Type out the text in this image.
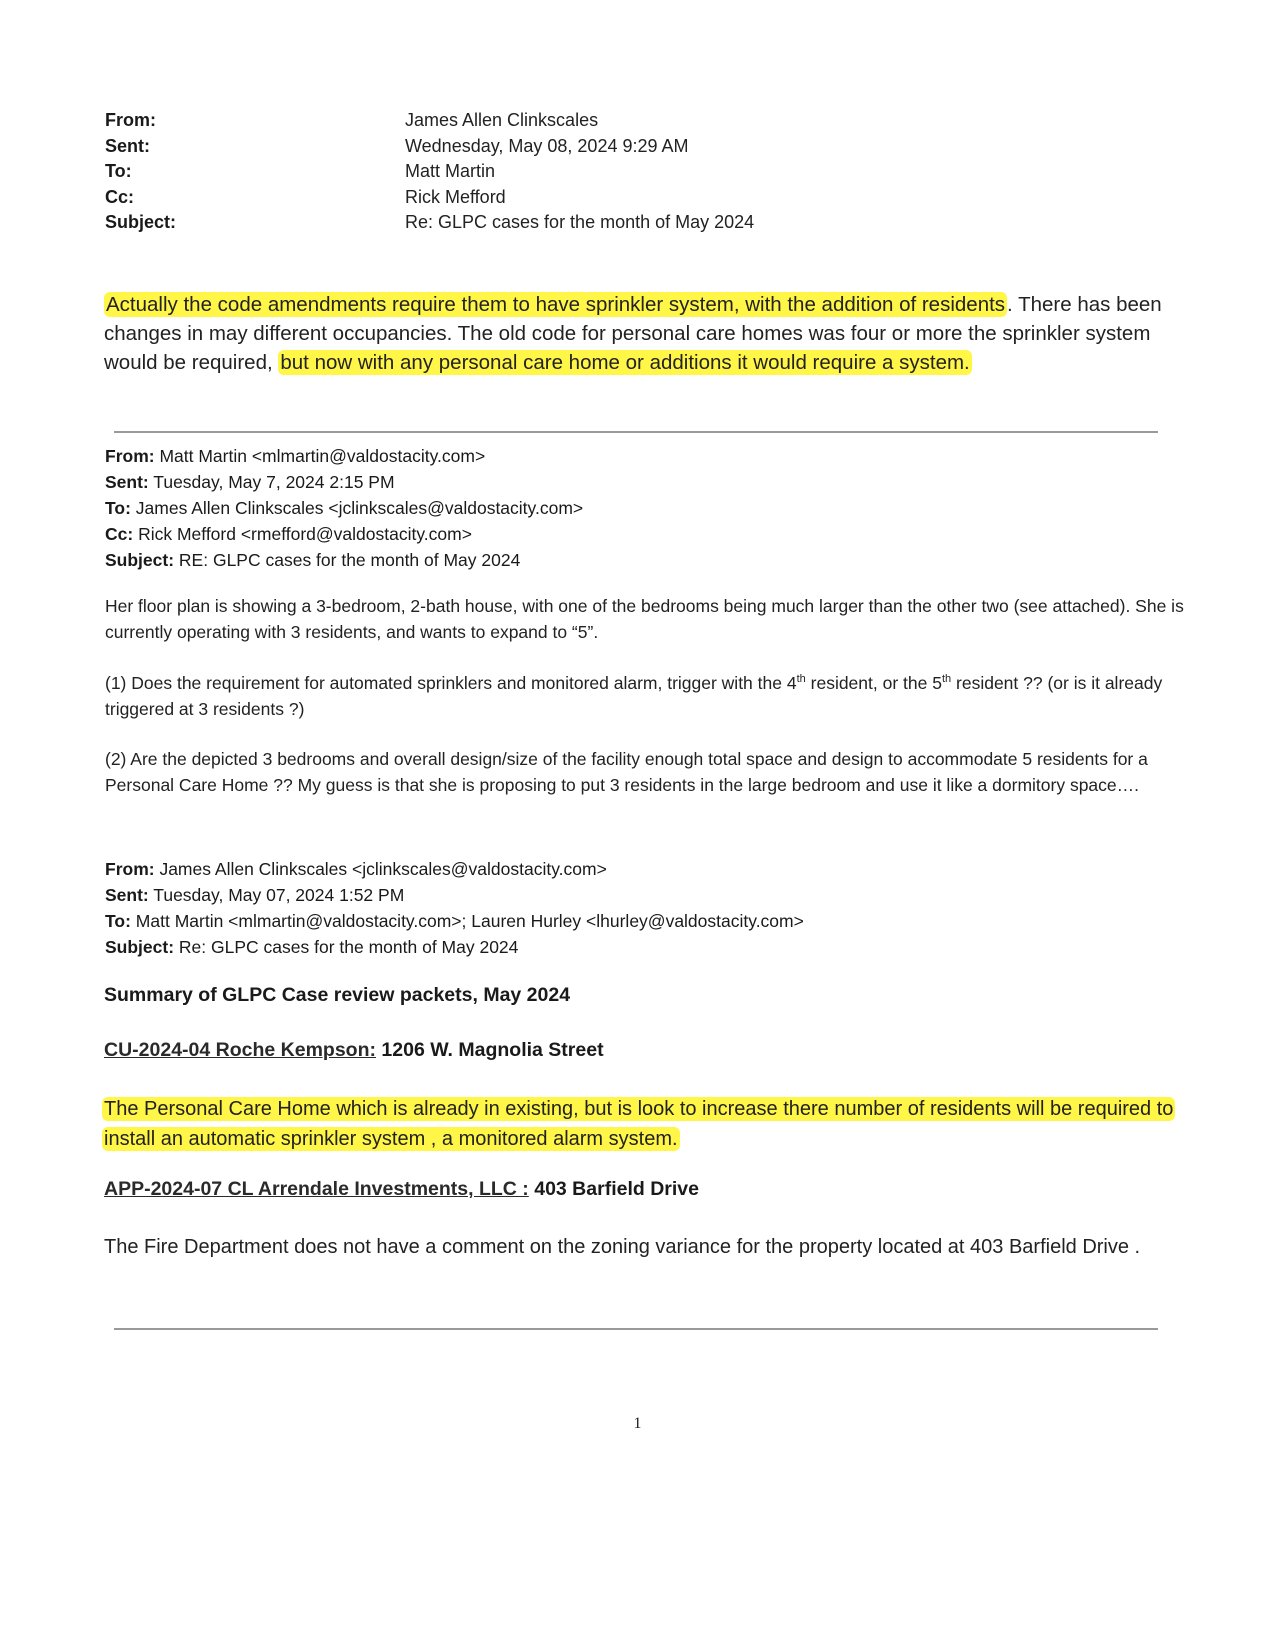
From:	James Allen Clinkscales
Sent:	Wednesday, May 08, 2024 9:29 AM
To:	Matt Martin
Cc:	Rick Mefford
Subject:	Re: GLPC cases for the month of May 2024
Actually the code amendments require them to have sprinkler system, with the addition of residents. There has been changes in may different occupancies. The old code for personal care homes was four or more the sprinkler system would be required, but now with any personal care home or additions it would require a system.
From: Matt Martin <mlmartin@valdostacity.com>
Sent: Tuesday, May 7, 2024 2:15 PM
To: James Allen Clinkscales <jclinkscales@valdostacity.com>
Cc: Rick Mefford <rmefford@valdostacity.com>
Subject: RE: GLPC cases for the month of May 2024
Her floor plan is showing a 3-bedroom, 2-bath house, with one of the bedrooms being much larger than the other two (see attached). She is currently operating with 3 residents, and wants to expand to “5”.
(1) Does the requirement for automated sprinklers and monitored alarm, trigger with the 4th resident, or the 5th resident ?? (or is it already triggered at 3 residents ?)
(2) Are the depicted 3 bedrooms and overall design/size of the facility enough total space and design to accommodate 5 residents for a Personal Care Home ?? My guess is that she is proposing to put 3 residents in the large bedroom and use it like a dormitory space….
From: James Allen Clinkscales <jclinkscales@valdostacity.com>
Sent: Tuesday, May 07, 2024 1:52 PM
To: Matt Martin <mlmartin@valdostacity.com>; Lauren Hurley <lhurley@valdostacity.com>
Subject: Re: GLPC cases for the month of May 2024
Summary of GLPC Case review packets, May 2024
CU-2024-04 Roche Kempson: 1206 W. Magnolia Street
The Personal Care Home which is already in existing, but is look to increase there number of residents will be required to install an automatic sprinkler system , a monitored alarm system.
APP-2024-07 CL Arrendale Investments, LLC : 403 Barfield Drive
The Fire Department does not have a comment on the zoning variance for the property located at 403 Barfield Drive .
1
